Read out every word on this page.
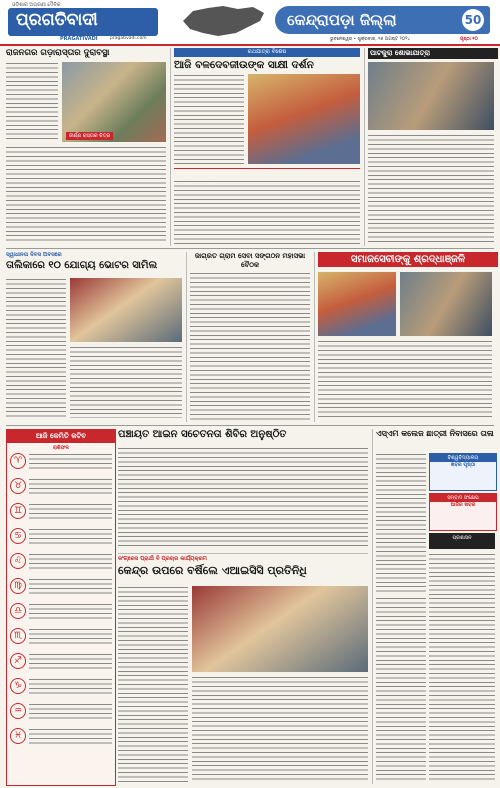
ଓଡ଼ିଶାର ଅଗ୍ରଣୀ ଦୈନିକ
ପ୍ରଗତିବାଦୀ
PRAGATIVADI	pragativadi.com
କେନ୍ଦ୍ରାପଡ଼ା ଜିଲ୍ଲା	50
ଭୁବନେଶ୍ୱର • ଶୁକ୍ରବାର, ୧୬ ଅଗଷ୍ଟ ୨୦୨୪	ପୃଷ୍ଠା ୧୦
ରାଜନଗର ଗଡ଼ାରାସ୍ତାର ଦୁରାବସ୍ଥା
ଜୀର୍ଣ୍ଣ ରାସ୍ତାର ଚିତ୍ର
ରଥଯାତ୍ରା ବିଶେଷ
ଆଜି ବଳଦେବଜୀଉଙ୍କ ସାକ୍ଷୀ ଦର୍ଶନ
ପାଟକୁରା ଶୋଭାଯାତ୍ରା
ସ୍ୱାଧୀନତା ଦିବସ ଅବସରେ
ତାଲିକାରେ ୧୦ ଯୋଗ୍ୟ ଭୋଟର ସାମିଲ
ଜାଗ୍ରତ ଗ୍ରାମ ସେବା ସଙ୍ଗଠନ ମହାସଭା ବୈଠକ	ସମାଜସେବୀଙ୍କୁ ଶ୍ରଦ୍ଧାଞ୍ଜଳି
ଆଜି କେମିତି କଟିବ
ରାଶିଫଳ
♈
♉
♊
♋
♌
♍
♎
♏
♐
♑
♒
♓
ପଞ୍ଚାୟତ ଆଇନ ସଚେତନତା ଶିବିର ଅନୁଷ୍ଠିତ
କଂଗ୍ରେସ ପ୍ରାର୍ଥୀ ବି ପ୍ରଚାର କାର୍ଯ୍ୟକ୍ରମ
କେନ୍ଦ୍ର ଉପରେ ବର୍ଷିଲେ ଏଆଇସିସି ପ୍ରତିନିଧି
ଏସ୍ଏମ କଲେଜ ଛାତ୍ରୀ ନିବାସରେ ତାଳା
ବିଶ୍ୱବିଦ୍ୟାଳୟ
ଖବର ପୃଷ୍ଠା
ସମ୍ବାଦ ସଂକ୍ଷେପ
ଆଜିର ଖବର
ପ୍ରଶାସନ
